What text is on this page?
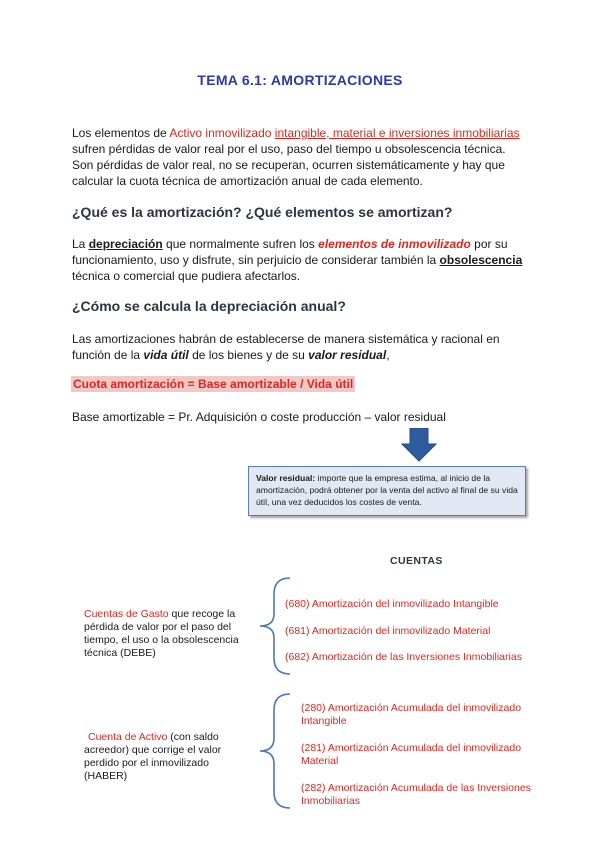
TEMA 6.1: AMORTIZACIONES
Los elementos de Activo inmovilizado intangible, material e inversiones inmobiliarias
sufren pérdidas de valor real por el uso, paso del tiempo u obsolescencia técnica.
Son pérdidas de valor real, no se recuperan, ocurren sistemáticamente y hay que
calcular la cuota técnica de amortización anual de cada elemento.
¿Qué es la amortización? ¿Qué elementos se amortizan?
La depreciación que normalmente sufren los elementos de inmovilizado por su
funcionamiento, uso y disfrute, sin perjuicio de considerar también la obsolescencia
técnica o comercial que pudiera afectarlos.
¿Cómo se calcula la depreciación anual?
Las amortizaciones habrán de establecerse de manera sistemática y racional en
función de la vida útil de los bienes y de su valor residual,
Cuota amortización = Base amortizable / Vida útil
Base amortizable = Pr. Adquisición o coste producción – valor residual
Valor residual: importe que la empresa estima, al inicio de la amortización, podrá obtener por la venta del activo al final de su vida útil, una vez deducidos los costes de venta.
CUENTAS
Cuentas de Gasto que recoge la pérdida de valor por el paso del tiempo, el uso o la obsolescencia técnica (DEBE)
Cuenta de Activo (con saldo acreedor) que corrige el valor perdido por el inmovilizado (HABER)
(680) Amortización del inmovilizado Intangible
(681) Amortización del inmovilizado Material
(682) Amortización de las Inversiones Inmobiliarias
(280) Amortización Acumulada del inmovilizado Intangible
(281) Amortización Acumulada del inmovilizado Material
(282) Amortización Acumulada de las Inversiones Inmobiliarias
